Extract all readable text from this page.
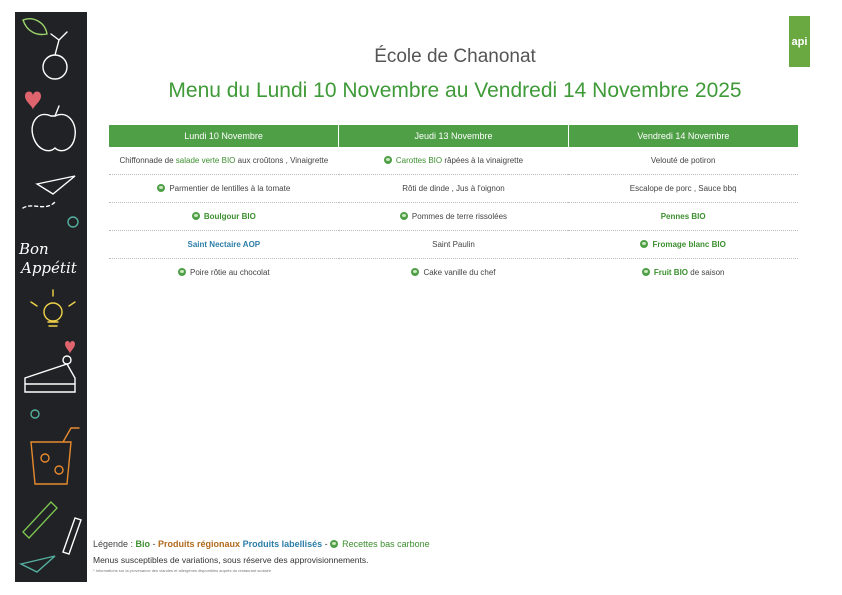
Bon
Appétit
api
École de Chanonat
Menu du Lundi 10 Novembre au Vendredi 14 Novembre 2025
Lundi 10 Novembre	Jeudi 13 Novembre	Vendredi 14 Novembre
Chiffonnade de salade verte BIO aux croûtons , Vinaigrette	Carottes BIO râpées à la vinaigrette	Velouté de potiron
Parmentier de lentilles à la tomate	Rôti de dinde , Jus à l'oignon	Escalope de porc , Sauce bbq
Boulgour BIO	Pommes de terre rissolées	Pennes BIO
Saint Nectaire AOP	Saint Paulin	Fromage blanc BIO
Poire rôtie au chocolat	Cake vanille du chef	Fruit BIO de saison
Légende : Bio - Produits régionaux Produits labellisés - Recettes bas carbone
Menus susceptibles de variations, sous réserve des approvisionnements.
* Informations sur la provenance des viandes et allergènes disponibles auprès du restaurant scolaire
